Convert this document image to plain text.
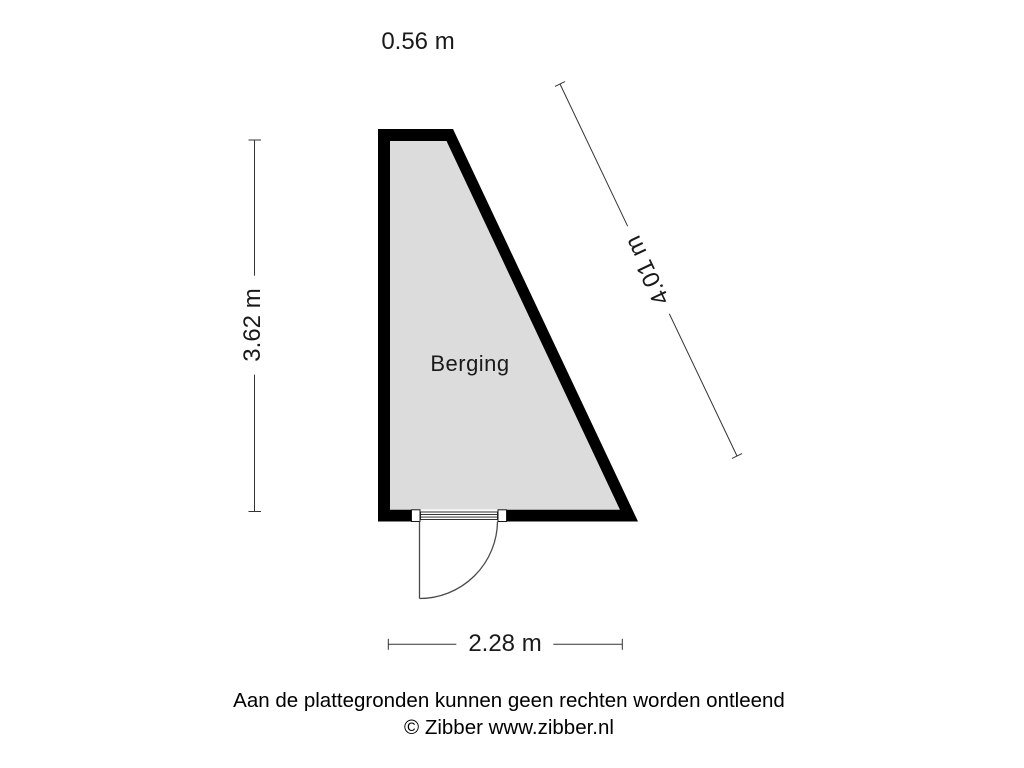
0.56 m
3.62 m
4.01 m
2.28 m
Berging
Aan de plattegronden kunnen geen rechten worden ontleend
© Zibber www.zibber.nl
